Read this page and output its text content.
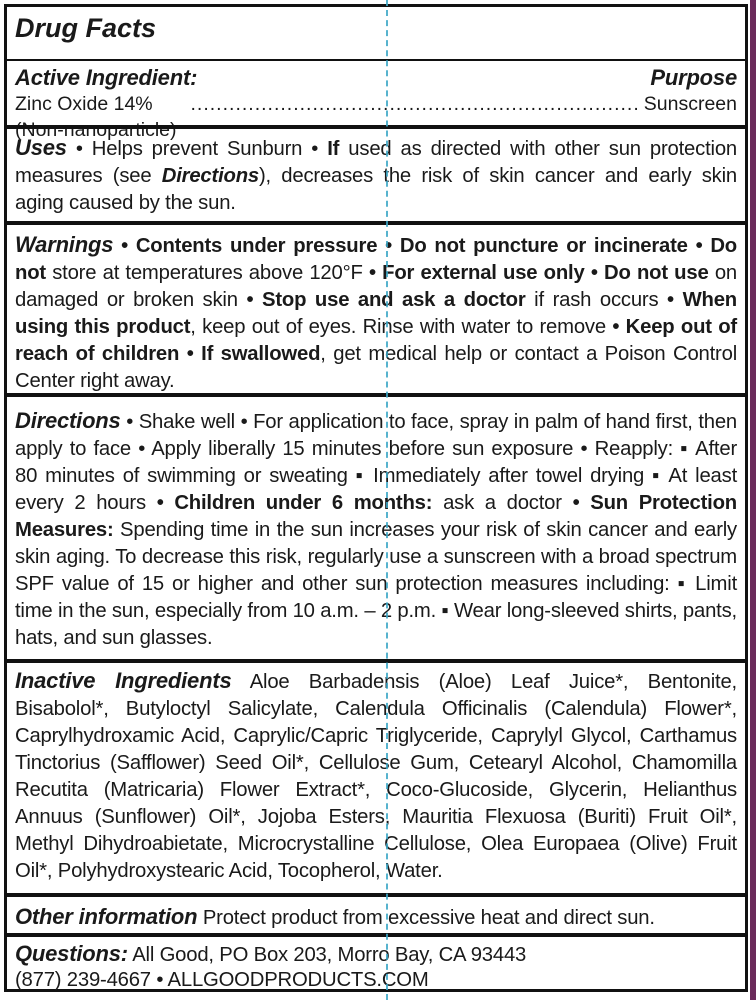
Drug Facts

Active Ingredient:	Purpose
Zinc Oxide 14% (Non-nanoparticle)
...................................................................... Sunscreen

Uses • Helps prevent Sunburn • If used as directed with other sun protection measures (see Directions), decreases the risk of skin cancer and early skin aging caused by the sun.

Warnings • Contents under pressure • Do not puncture or incinerate • Do not store at temperatures above 120°F • For external use only • Do not use on damaged or broken skin • Stop use and ask a doctor if rash occurs • When using this product, keep out of eyes. Rinse with water to remove • Keep out of reach of children • If swallowed, get medical help or contact a Poison Control Center right away.

Directions • Shake well • For application to face, spray in palm of hand first, then apply to face • Apply liberally 15 minutes before sun exposure • Reapply: ▪ After 80 minutes of swimming or sweating ▪ Immediately after towel drying ▪ At least every 2 hours • Children under 6 months: ask a doctor • Sun Protection Measures: Spending time in the sun increases your risk of skin cancer and early skin aging. To decrease this risk, regularly use a sunscreen with a broad spectrum SPF value of 15 or higher and other sun protection measures including: ▪ Limit time in the sun, especially from 10 a.m. – 2 p.m. ▪ Wear long-sleeved shirts, pants, hats, and sun glasses.

Inactive Ingredients Aloe Barbadensis (Aloe) Leaf Juice*, Bentonite, Bisabolol*, Butyloctyl Salicylate, Calendula Officinalis (Calendula) Flower*, Caprylhydroxamic Acid, Caprylic/Capric Triglyceride, Caprylyl Glycol, Carthamus Tinctorius (Safflower) Seed Oil*, Cellulose Gum, Cetearyl Alcohol, Chamomilla Recutita (Matricaria) Flower Extract*, Coco-Glucoside, Glycerin, Helianthus Annuus (Sunflower) Oil*, Jojoba Esters, Mauritia Flexuosa (Buriti) Fruit Oil*, Methyl Dihydroabietate, Microcrystalline Cellulose, Olea Europaea (Olive) Fruit Oil*, Polyhydroxystearic Acid, Tocopherol, Water.

Other information Protect product from excessive heat and direct sun.

Questions: All Good, PO Box 203, Morro Bay, CA 93443

(877) 239-4667 • ALLGOODPRODUCTS.COM
